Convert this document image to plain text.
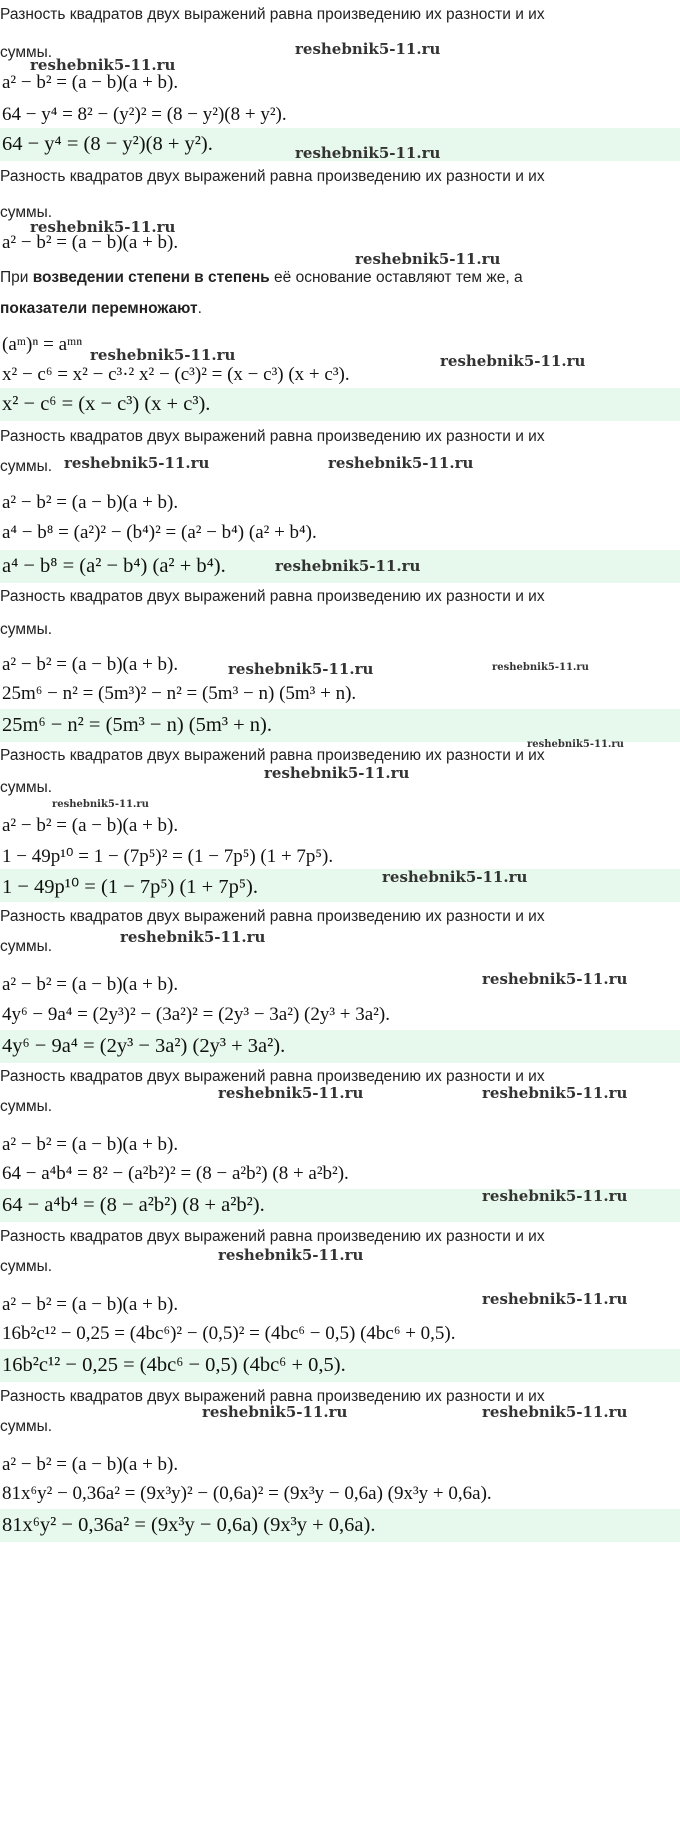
Разность квадратов двух выражений равна произведению их разности и их
суммы.
a² − b² = (a − b)(a + b).
64 − y⁴ = 8² − (y²)² = (8 − y²)(8 + y²).
64 − y⁴ = (8 − y²)(8 + y²).
Разность квадратов двух выражений равна произведению их разности и их
суммы.
a² − b² = (a − b)(a + b).
При возведении степени в степень её основание оставляют тем же, а
показатели перемножают.
(aᵐ)ⁿ = aᵐⁿ
x² − c⁶ = x² − c³·² x² − (c³)² = (x − c³) (x + c³).
x² − c⁶ = (x − c³) (x + c³).
Разность квадратов двух выражений равна произведению их разности и их
суммы.
a² − b² = (a − b)(a + b).
a⁴ − b⁸ = (a²)² − (b⁴)² = (a² − b⁴) (a² + b⁴).
a⁴ − b⁸ = (a² − b⁴) (a² + b⁴).
Разность квадратов двух выражений равна произведению их разности и их
суммы.
a² − b² = (a − b)(a + b).
25m⁶ − n² = (5m³)² − n² = (5m³ − n) (5m³ + n).
25m⁶ − n² = (5m³ − n) (5m³ + n).
Разность квадратов двух выражений равна произведению их разности и их
суммы.
a² − b² = (a − b)(a + b).
1 − 49p¹⁰ = 1 − (7p⁵)² = (1 − 7p⁵) (1 + 7p⁵).
1 − 49p¹⁰ = (1 − 7p⁵) (1 + 7p⁵).
Разность квадратов двух выражений равна произведению их разности и их
суммы.
a² − b² = (a − b)(a + b).
4y⁶ − 9a⁴ = (2y³)² − (3a²)² = (2y³ − 3a²) (2y³ + 3a²).
4y⁶ − 9a⁴ = (2y³ − 3a²) (2y³ + 3a²).
Разность квадратов двух выражений равна произведению их разности и их
суммы.
a² − b² = (a − b)(a + b).
64 − a⁴b⁴ = 8² − (a²b²)² = (8 − a²b²) (8 + a²b²).
64 − a⁴b⁴ = (8 − a²b²) (8 + a²b²).
Разность квадратов двух выражений равна произведению их разности и их
суммы.
a² − b² = (a − b)(a + b).
16b²c¹² − 0,25 = (4bc⁶)² − (0,5)² = (4bc⁶ − 0,5) (4bc⁶ + 0,5).
16b²c¹² − 0,25 = (4bc⁶ − 0,5) (4bc⁶ + 0,5).
Разность квадратов двух выражений равна произведению их разности и их
суммы.
a² − b² = (a − b)(a + b).
81x⁶y² − 0,36a² = (9x³y)² − (0,6a)² = (9x³y − 0,6a) (9x³y + 0,6a).
81x⁶y² − 0,36a² = (9x³y − 0,6a) (9x³y + 0,6a).
reshebnik5-11.ru
reshebnik5-11.ru
reshebnik5-11.ru
reshebnik5-11.ru
reshebnik5-11.ru
reshebnik5-11.ru	reshebnik5-11.ru
reshebnik5-11.ru	reshebnik5-11.ru
reshebnik5-11.ru
reshebnik5-11.ru	reshebnik5-11.ru
reshebnik5-11.ru
reshebnik5-11.ru
reshebnik5-11.ru
reshebnik5-11.ru
reshebnik5-11.ru
reshebnik5-11.ru
reshebnik5-11.ru	reshebnik5-11.ru
reshebnik5-11.ru
reshebnik5-11.ru
reshebnik5-11.ru
reshebnik5-11.ru	reshebnik5-11.ru
